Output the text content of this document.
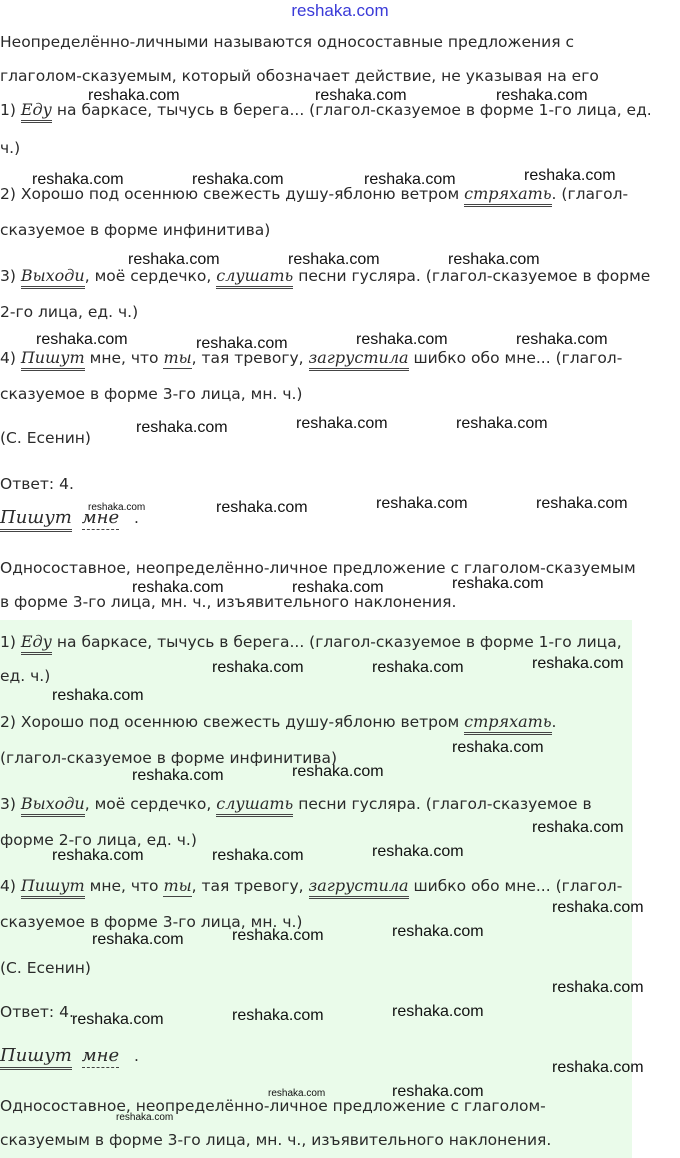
reshaka.com

Неопределённо-личными называются односоставные предложения с

глаголом-сказуемым, который обозначает действие, не указывая на его

1) Еду на баркасе, тычусь в берега... (глагол-сказуемое в форме 1-го лица, ед.

ч.)

2) Хорошо под осеннюю свежесть душу-яблоню ветром стряхать. (глагол-

сказуемое в форме инфинитива)

3) Выходи, моё сердечко, слушать песни гусляра. (глагол-сказуемое в форме

2-го лица, ед. ч.)

4) Пишут мне, что ты, тая тревогу, загрустила шибко обо мне... (глагол-

сказуемое в форме 3-го лица, мн. ч.)

(С. Есенин)

Ответ: 4.

Пишут мне .

Односоставное, неопределённо-личное предложение с глаголом-сказуемым

в форме 3-го лица, мн. ч., изъявительного наклонения.

1) Еду на баркасе, тычусь в берега... (глагол-сказуемое в форме 1-го лица,

ед. ч.)

2) Хорошо под осеннюю свежесть душу-яблоню ветром стряхать.

(глагол-сказуемое в форме инфинитива)

3) Выходи, моё сердечко, слушать песни гусляра. (глагол-сказуемое в

форме 2-го лица, ед. ч.)

4) Пишут мне, что ты, тая тревогу, загрустила шибко обо мне... (глагол-

сказуемое в форме 3-го лица, мн. ч.)

(С. Есенин)

Ответ: 4.

Пишут мне .

Односоставное, неопределённо-личное предложение с глаголом-

сказуемым в форме 3-го лица, мн. ч., изъявительного наклонения.

reshaka.com	reshaka.com	reshaka.com
reshaka.com	reshaka.com	reshaka.com	reshaka.com
reshaka.com	reshaka.com	reshaka.com
reshaka.com	reshaka.com	reshaka.com	reshaka.com
reshaka.com	reshaka.com	reshaka.com
reshaka.com	reshaka.com	reshaka.com
reshaka.com	reshaka.com	reshaka.com
reshaka.com	reshaka.com	reshaka.com
reshaka.com
reshaka.com
reshaka.com	reshaka.com
reshaka.com
reshaka.com	reshaka.com	reshaka.com
reshaka.com
reshaka.com	reshaka.com	reshaka.com
reshaka.com
reshaka.com	reshaka.com	reshaka.com
reshaka.com
reshaka.com
reshaka.com
reshaka.com
reshaka.com
